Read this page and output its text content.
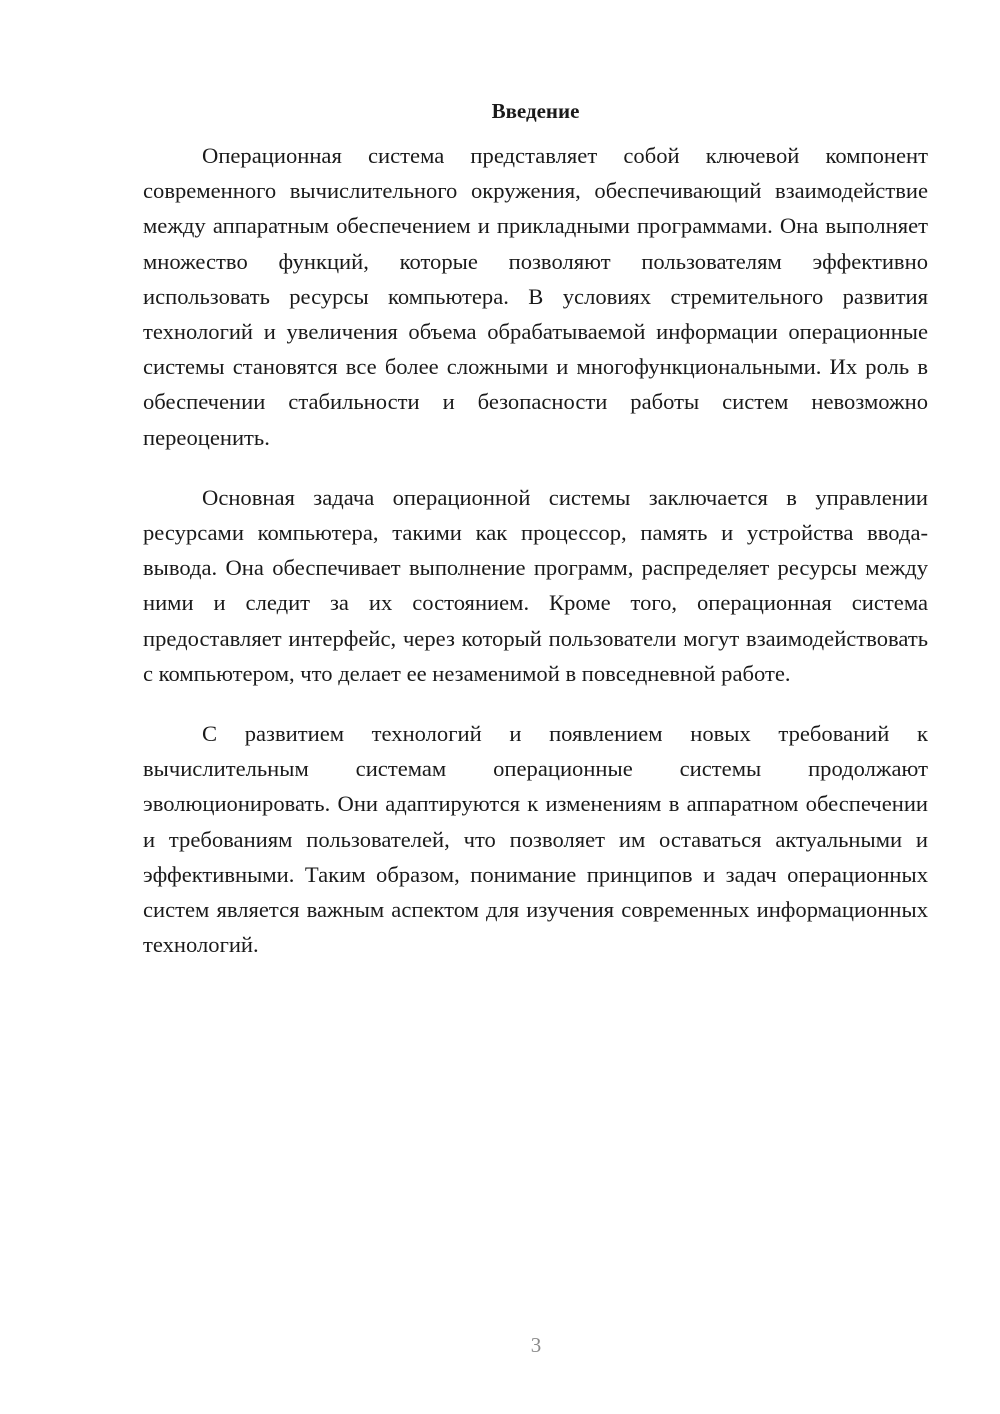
Введение

Операционная система представляет собой ключевой компонент современного вычислительного окружения, обеспечивающий взаимодействие между аппаратным обеспечением и прикладными программами. Она выполняет множество функций, которые позволяют пользователям эффективно использовать ресурсы компьютера. В условиях стремительного развития технологий и увеличения объема обрабатываемой информации операционные системы становятся все более сложными и многофункциональными. Их роль в обеспечении стабильности и безопасности работы систем невозможно переоценить.

Основная задача операционной системы заключается в управлении ресурсами компьютера, такими как процессор, память и устройства ввода-вывода. Она обеспечивает выполнение программ, распределяет ресурсы между ними и следит за их состоянием. Кроме того, операционная система предоставляет интерфейс, через который пользователи могут взаимодействовать с компьютером, что делает ее незаменимой в повседневной работе.

С развитием технологий и появлением новых требований к вычислительным системам операционные системы продолжают эволюционировать. Они адаптируются к изменениям в аппаратном обеспечении и требованиям пользователей, что позволяет им оставаться актуальными и эффективными. Таким образом, понимание принципов и задач операционных систем является важным аспектом для изучения современных информационных технологий.

3
